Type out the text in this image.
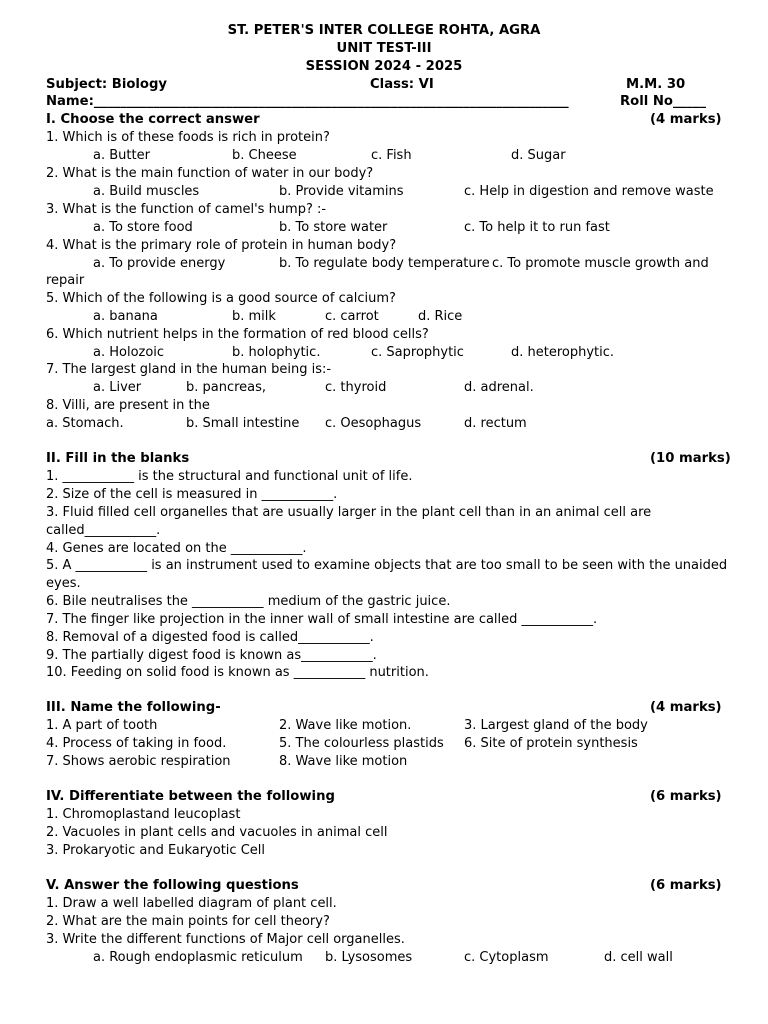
ST. PETER'S INTER COLLEGE ROHTA, AGRA
UNIT TEST-III
SESSION 2024 - 2025
Subject: Biology	Class: VI	M.M. 30
Name:________________________________________________________________________	Roll No_____
I. Choose the correct answer	(4 marks)
1. Which is of these foods is rich in protein?
a. Butter	b. Cheese	c. Fish	d. Sugar
2. What is the main function of water in our body?
a. Build muscles	b. Provide vitamins	c. Help in digestion and remove waste
3. What is the function of camel's hump? :-
a. To store food	b. To store water	c. To help it to run fast
4. What is the primary role of protein in human body?
a. To provide energy	b. To regulate body temperature c. To promote muscle growth and
repair
5. Which of the following is a good source of calcium?
a. banana	b. milk	c. carrot	d. Rice
6. Which nutrient helps in the formation of red blood cells?
a. Holozoic	b. holophytic.	c. Saprophytic	d. heterophytic.
7. The largest gland in the human being is:-
a. Liver	b. pancreas,	c. thyroid	d. adrenal.
8. Villi, are present in the
a. Stomach.	b. Small intestine c. Oesophagus	d. rectum
II. Fill in the blanks	(10 marks)
1. ___________ is the structural and functional unit of life.
2. Size of the cell is measured in ___________.
3. Fluid filled cell organelles that are usually larger in the plant cell than in an animal cell are
called___________.
4. Genes are located on the ___________.
5. A ___________ is an instrument used to examine objects that are too small to be seen with the unaided
eyes.
6. Bile neutralises the ___________ medium of the gastric juice.
7. The finger like projection in the inner wall of small intestine are called ___________.
8. Removal of a digested food is called___________.
9. The partially digest food is known as___________.
10. Feeding on solid food is known as ___________ nutrition.
III. Name the following-	(4 marks)
1. A part of tooth	2. Wave like motion.	3. Largest gland of the body
4. Process of taking in food.	5. The colourless plastids 6. Site of protein synthesis
7. Shows aerobic respiration	8. Wave like motion
IV. Differentiate between the following	(6 marks)
1. Chromoplastand leucoplast
2. Vacuoles in plant cells and vacuoles in animal cell
3. Prokaryotic and Eukaryotic Cell
V. Answer the following questions	(6 marks)
1. Draw a well labelled diagram of plant cell.
2. What are the main points for cell theory?
3. Write the different functions of Major cell organelles.
a. Rough endoplasmic reticulum b. Lysosomes	c. Cytoplasm	d. cell wall
